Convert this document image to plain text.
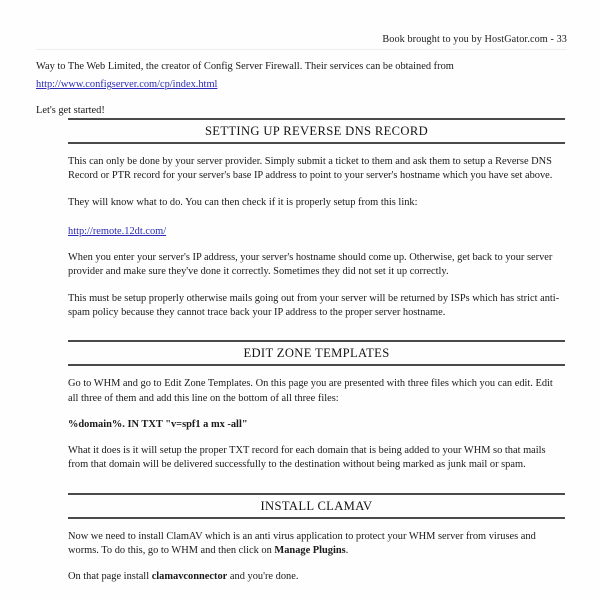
Book brought to you by HostGator.com - 33

Way to The Web Limited, the creator of Config Server Firewall. Their services can be obtained from

http://www.configserver.com/cp/index.html

Let's get started!

SETTING UP REVERSE DNS RECORD

This can only be done by your server provider. Simply submit a ticket to them and ask them to setup a Reverse DNS Record or PTR record for your server's base IP address to point to your server's hostname which you have set above.

They will know what to do. You can then check if it is properly setup from this link:

http://remote.12dt.com/

When you enter your server's IP address, your server's hostname should come up. Otherwise, get back to your server provider and make sure they've done it correctly. Sometimes they did not set it up correctly.

This must be setup properly otherwise mails going out from your server will be returned by ISPs which has strict anti-spam policy because they cannot trace back your IP address to the proper server hostname.

EDIT ZONE TEMPLATES

Go to WHM and go to Edit Zone Templates. On this page you are presented with three files which you can edit. Edit all three of them and add this line on the bottom of all three files:

%domain%. IN TXT "v=spf1 a mx -all"

What it does is it will setup the proper TXT record for each domain that is being added to your WHM so that mails from that domain will be delivered successfully to the destination without being marked as junk mail or spam.

INSTALL CLAMAV

Now we need to install ClamAV which is an anti virus application to protect your WHM server from viruses and worms. To do this, go to WHM and then click on Manage Plugins.

On that page install clamavconnector and you're done.
